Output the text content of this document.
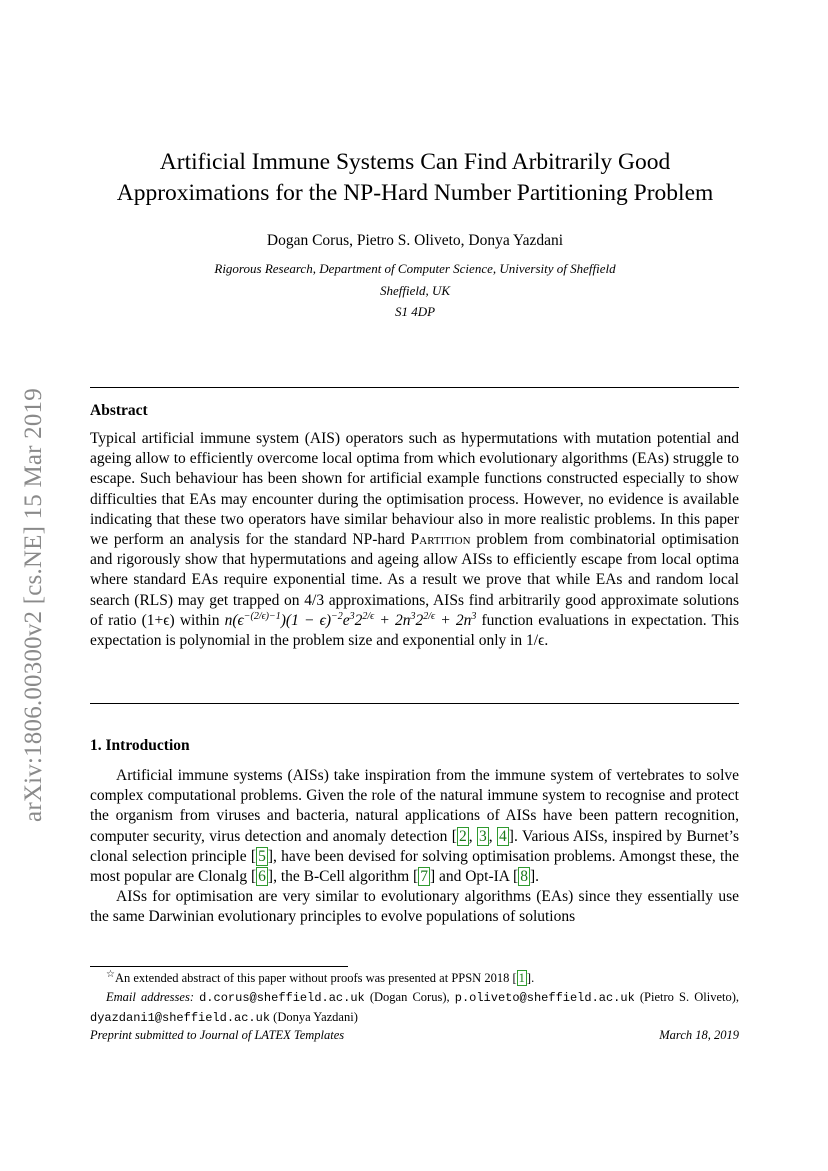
arXiv:1806.00300v2 [cs.NE] 15 Mar 2019
Artificial Immune Systems Can Find Arbitrarily Good
Approximations for the NP-Hard Number Partitioning Problem
Dogan Corus, Pietro S. Oliveto, Donya Yazdani
Rigorous Research, Department of Computer Science, University of Sheffield
Sheffield, UK
S1 4DP
Abstract

Typical artificial immune system (AIS) operators such as hypermutations with mutation potential and ageing allow to efficiently overcome local optima from which evolutionary algorithms (EAs) struggle to escape. Such behaviour has been shown for artificial example functions constructed especially to show difficulties that EAs may encounter during the optimisation process. However, no evidence is available indicating that these two operators have similar behaviour also in more realistic problems. In this paper we perform an analysis for the standard NP-hard Partition problem from combinatorial optimisation and rigorously show that hypermutations and ageing allow AISs to efficiently escape from local optima where standard EAs require exponential time. As a result we prove that while EAs and random local search (RLS) may get trapped on 4/3 approximations, AISs find arbitrarily good approximate solutions of ratio (1+ϵ) within $n(\epsilon^{-(2/\epsilon)-1})(1 - \epsilon)^{-2}e^32^{2/\epsilon} + 2n^32^{2/\epsilon} + 2n^3$ function evaluations in expectation. This expectation is polynomial in the problem size and exponential only in 1/ϵ.

1. Introduction

Artificial immune systems (AISs) take inspiration from the immune system of vertebrates to solve complex computational problems. Given the role of the natural immune system to recognise and protect the organism from viruses and bacteria, natural applications of AISs have been pattern recognition, computer security, virus detection and anomaly detection [ 2 , 3 , 4 ]. Various AISs, inspired by Burnet’s clonal selection principle [ 5 ], have been devised for solving optimisation problems. Amongst these, the most popular are Clonalg [ 6 ], the B-Cell algorithm [ 7 ] and Opt-IA [ 8 ].

AISs for optimisation are very similar to evolutionary algorithms (EAs) since they essentially use the same Darwinian evolutionary principles to evolve populations of solutions

☆An extended abstract of this paper without proofs was presented at PPSN 2018 [ 1 ].

Email addresses: d.corus@sheffield.ac.uk (Dogan Corus), p.oliveto@sheffield.ac.uk (Pietro S. Oliveto), dyazdani1@sheffield.ac.uk (Donya Yazdani)

Preprint submitted to Journal of LATEX Templates	March 18, 2019
